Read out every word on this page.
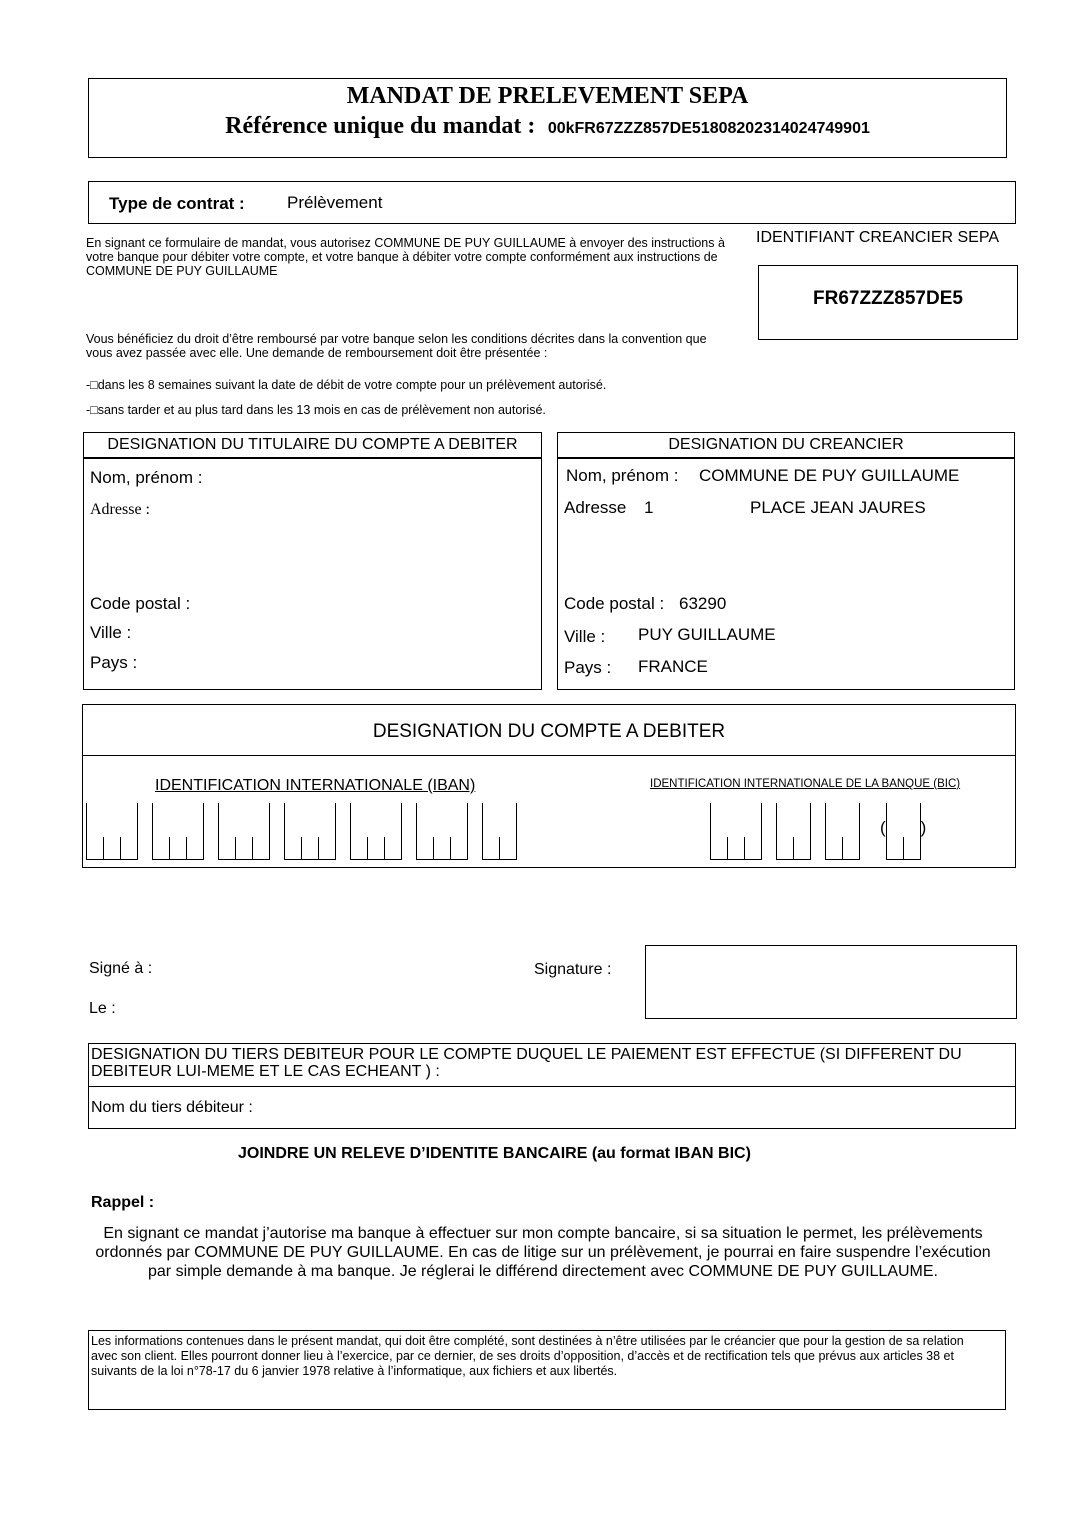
MANDAT DE PRELEVEMENT SEPA
Référence unique du mandat : 00kFR67ZZZ857DE5180820231402474990​1
Type de contrat : Prélèvement
En signant ce formulaire de mandat, vous autorisez COMMUNE DE PUY GUILLAUME à envoyer des instructions à votre banque pour débiter votre compte, et votre banque à débiter votre compte conformément aux instructions de COMMUNE DE PUY GUILLAUME
IDENTIFIANT CREANCIER SEPA
FR67ZZZ857DE5
Vous bénéficiez du droit d’être remboursé par votre banque selon les conditions décrites dans la convention que vous avez passée avec elle. Une demande de remboursement doit être présentée :
-□dans les 8 semaines suivant la date de débit de votre compte pour un prélèvement autorisé.
-□sans tarder et au plus tard dans les 13 mois en cas de prélèvement non autorisé.
DESIGNATION DU TITULAIRE DU COMPTE A DEBITER
Nom, prénom :
Adresse :
Code postal :
Ville :
Pays :
DESIGNATION DU CREANCIER
Nom, prénom : COMMUNE DE PUY GUILLAUME
Adresse 1	PLACE JEAN JAURES
Code postal : 63290
Ville : PUY GUILLAUME
Pays : FRANCE
DESIGNATION DU COMPTE A DEBITER
IDENTIFICATION INTERNATIONALE (IBAN)	IDENTIFICATION INTERNATIONALE DE LA BANQUE (BIC)
( )
Signé à :
Le :
Signature :
DESIGNATION DU TIERS DEBITEUR POUR LE COMPTE DUQUEL LE PAIEMENT EST EFFECTUE (SI DIFFERENT DU DEBITEUR LUI-MEME ET LE CAS ECHEANT ) :
Nom du tiers débiteur :
JOINDRE UN RELEVE D’IDENTITE BANCAIRE (au format IBAN BIC)
Rappel :
En signant ce mandat j’autorise ma banque à effectuer sur mon compte bancaire, si sa situation le permet, les prélèvements ordonnés par COMMUNE DE PUY GUILLAUME. En cas de litige sur un prélèvement, je pourrai en faire suspendre l’exécution par simple demande à ma banque. Je réglerai le différend directement avec COMMUNE DE PUY GUILLAUME.
Les informations contenues dans le présent mandat, qui doit être complété, sont destinées à n’être utilisées par le créancier que pour la gestion de sa relation avec son client. Elles pourront donner lieu à l’exercice, par ce dernier, de ses droits d’opposition, d’accès et de rectification tels que prévus aux articles 38 et suivants de la loi n°78-17 du 6 janvier 1978 relative à l’informatique, aux fichiers et aux libertés.
